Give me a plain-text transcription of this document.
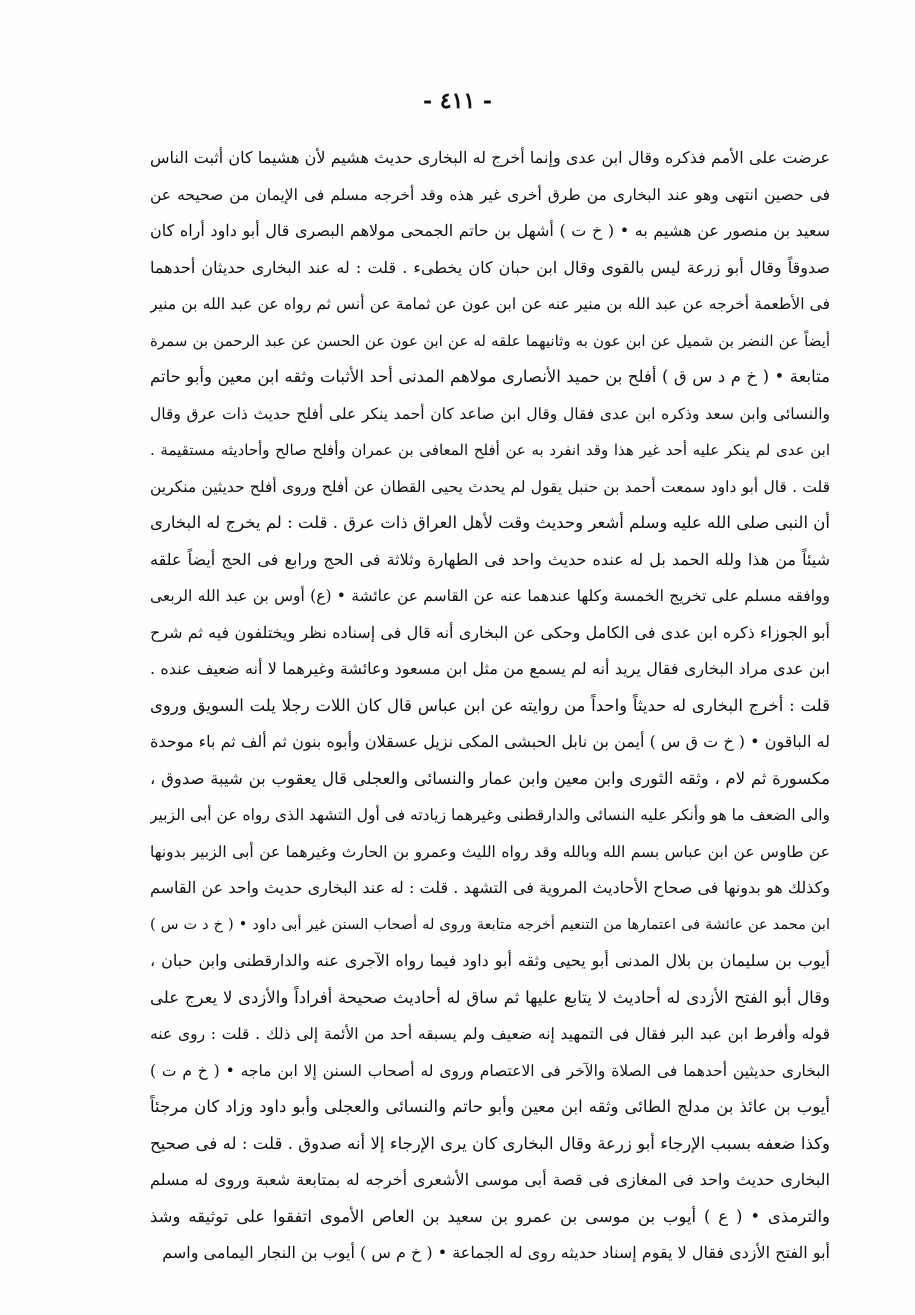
- ٤١١ -
عرضت على الأمم فذكره وقال ابن عدى وإنما أخرج له البخارى حديث هشيم لأن هشيما كان أثبت الناس
فى حصين انتهى وهو عند البخارى من طرق أخرى غير هذه وقد أخرجه مسلم فى الإيمان من صحيحه عن
سعيد بن منصور عن هشيم به • ( خ ت ) أشهل بن حاتم الجمحى مولاهم البصرى قال أبو داود أراه كان
صدوقاً وقال أبو زرعة ليس بالقوى وقال ابن حبان كان يخطىء . قلت : له عند البخارى حديثان أحدهما
فى الأطعمة أخرجه عن عبد الله بن منير عنه عن ابن عون عن ثمامة عن أنس ثم رواه عن عبد الله بن منير
أيضاً عن النضر بن شميل عن ابن عون به وثانيهما علقه له عن ابن عون عن الحسن عن عبد الرحمن بن سمرة
متابعة • ( خ م د س ق ) أفلح بن حميد الأنصارى مولاهم المدنى أحد الأثبات وثقه ابن معين وأبو حاتم
والنسائى وابن سعد وذكره ابن عدى فقال وقال ابن صاعد كان أحمد ينكر على أفلح حديث ذات عرق وقال
ابن عدى لم ينكر عليه أحد غير هذا وقد انفرد به عن أفلح المعافى بن عمران وأفلح صالح وأحاديثه مستقيمة .
قلت . قال أبو داود سمعت أحمد بن حنبل يقول لم يحدث يحيى القطان عن أفلح وروى أفلح حديثين منكرين
أن النبى صلى الله عليه وسلم أشعر وحديث وقت لأهل العراق ذات عرق . قلت : لم يخرج له البخارى
شيئاً من هذا ولله الحمد بل له عنده حديث واحد فى الطهارة وثلاثة فى الحج ورابع فى الحج أيضاً علقه
ووافقه مسلم على تخريج الخمسة وكلها عندهما عنه عن القاسم عن عائشة • (ع) أوس بن عبد الله الربعى
أبو الجوزاء ذكره ابن عدى فى الكامل وحكى عن البخارى أنه قال فى إسناده نظر ويختلفون فيه ثم شرح
ابن عدى مراد البخارى فقال يريد أنه لم يسمع من مثل ابن مسعود وعائشة وغيرهما لا أنه ضعيف عنده .
قلت : أخرج البخارى له حديثاً واحداً من روايته عن ابن عباس قال كان اللات رجلا يلت السويق وروى
له الباقون • ( خ ت ق س ) أيمن بن نابل الحبشى المكى نزيل عسقلان وأبوه بنون ثم ألف ثم باء موحدة
مكسورة ثم لام ، وثقه الثورى وابن معين وابن عمار والنسائى والعجلى قال يعقوب بن شيبة صدوق ،
والى الضعف ما هو وأنكر عليه النسائى والدارقطنى وغيرهما زيادته فى أول التشهد الذى رواه عن أبى الزبير
عن طاوس عن ابن عباس بسم الله وبالله وقد رواه الليث وعمرو بن الحارث وغيرهما عن أبى الزبير بدونها
وكذلك هو بدونها فى صحاح الأحاديث المروية فى التشهد . قلت : له عند البخارى حديث واحد عن القاسم
ابن محمد عن عائشة فى اعتمارها من التنعيم أخرجه متابعة وروى له أصحاب السنن غير أبى داود • ( خ د ت س )
أيوب بن سليمان بن بلال المدنى أبو يحيى وثقه أبو داود فيما رواه الآجرى عنه والدارقطنى وابن حبان ،
وقال أبو الفتح الأزدى له أحاديث لا يتابع عليها ثم ساق له أحاديث صحيحة أفراداً والأزدى لا يعرج على
قوله وأفرط ابن عبد البر فقال فى التمهيد إنه ضعيف ولم يسبقه أحد من الأئمة إلى ذلك . قلت : روى عنه
البخارى حديثين أحدهما فى الصلاة والآخر فى الاعتصام وروى له أصحاب السنن إلا ابن ماجه • ( خ م ت )
أيوب بن عائذ بن مدلج الطائى وثقه ابن معين وأبو حاتم والنسائى والعجلى وأبو داود وزاد كان مرجئاً
وكذا ضعفه بسبب الإرجاء أبو زرعة وقال البخارى كان يرى الإرجاء إلا أنه صدوق . قلت : له فى صحيح
البخارى حديث واحد فى المغازى فى قصة أبى موسى الأشعرى أخرجه له بمتابعة شعبة وروى له مسلم
والترمذى • ( ع ) أيوب بن موسى بن عمرو بن سعيد بن العاص الأموى اتفقوا على توثيقه وشذ
أبو الفتح الأزدى فقال لا يقوم إسناد حديثه روى له الجماعة • ( خ م س ) أيوب بن النجار اليمامى واسم
